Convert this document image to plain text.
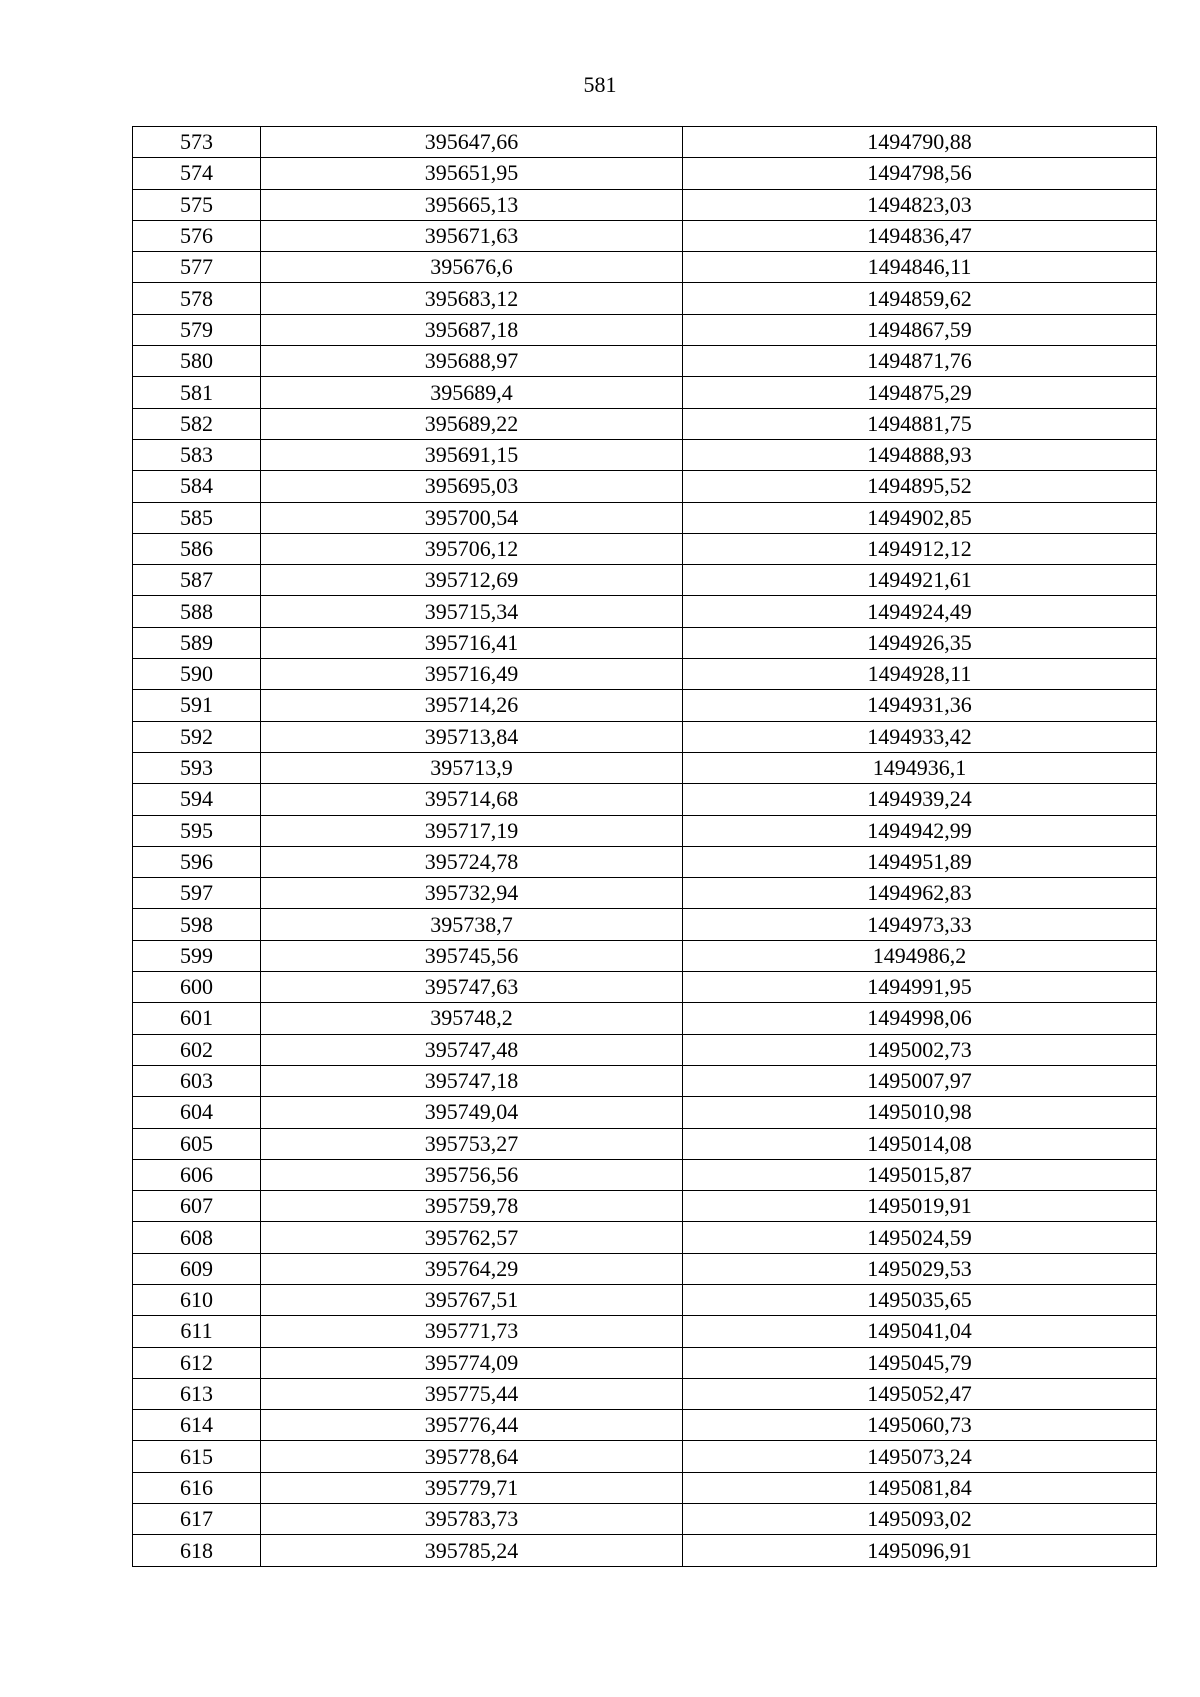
581
573	395647,66	1494790,88
574	395651,95	1494798,56
575	395665,13	1494823,03
576	395671,63	1494836,47
577	395676,6	1494846,11
578	395683,12	1494859,62
579	395687,18	1494867,59
580	395688,97	1494871,76
581	395689,4	1494875,29
582	395689,22	1494881,75
583	395691,15	1494888,93
584	395695,03	1494895,52
585	395700,54	1494902,85
586	395706,12	1494912,12
587	395712,69	1494921,61
588	395715,34	1494924,49
589	395716,41	1494926,35
590	395716,49	1494928,11
591	395714,26	1494931,36
592	395713,84	1494933,42
593	395713,9	1494936,1
594	395714,68	1494939,24
595	395717,19	1494942,99
596	395724,78	1494951,89
597	395732,94	1494962,83
598	395738,7	1494973,33
599	395745,56	1494986,2
600	395747,63	1494991,95
601	395748,2	1494998,06
602	395747,48	1495002,73
603	395747,18	1495007,97
604	395749,04	1495010,98
605	395753,27	1495014,08
606	395756,56	1495015,87
607	395759,78	1495019,91
608	395762,57	1495024,59
609	395764,29	1495029,53
610	395767,51	1495035,65
611	395771,73	1495041,04
612	395774,09	1495045,79
613	395775,44	1495052,47
614	395776,44	1495060,73
615	395778,64	1495073,24
616	395779,71	1495081,84
617	395783,73	1495093,02
618	395785,24	1495096,91
